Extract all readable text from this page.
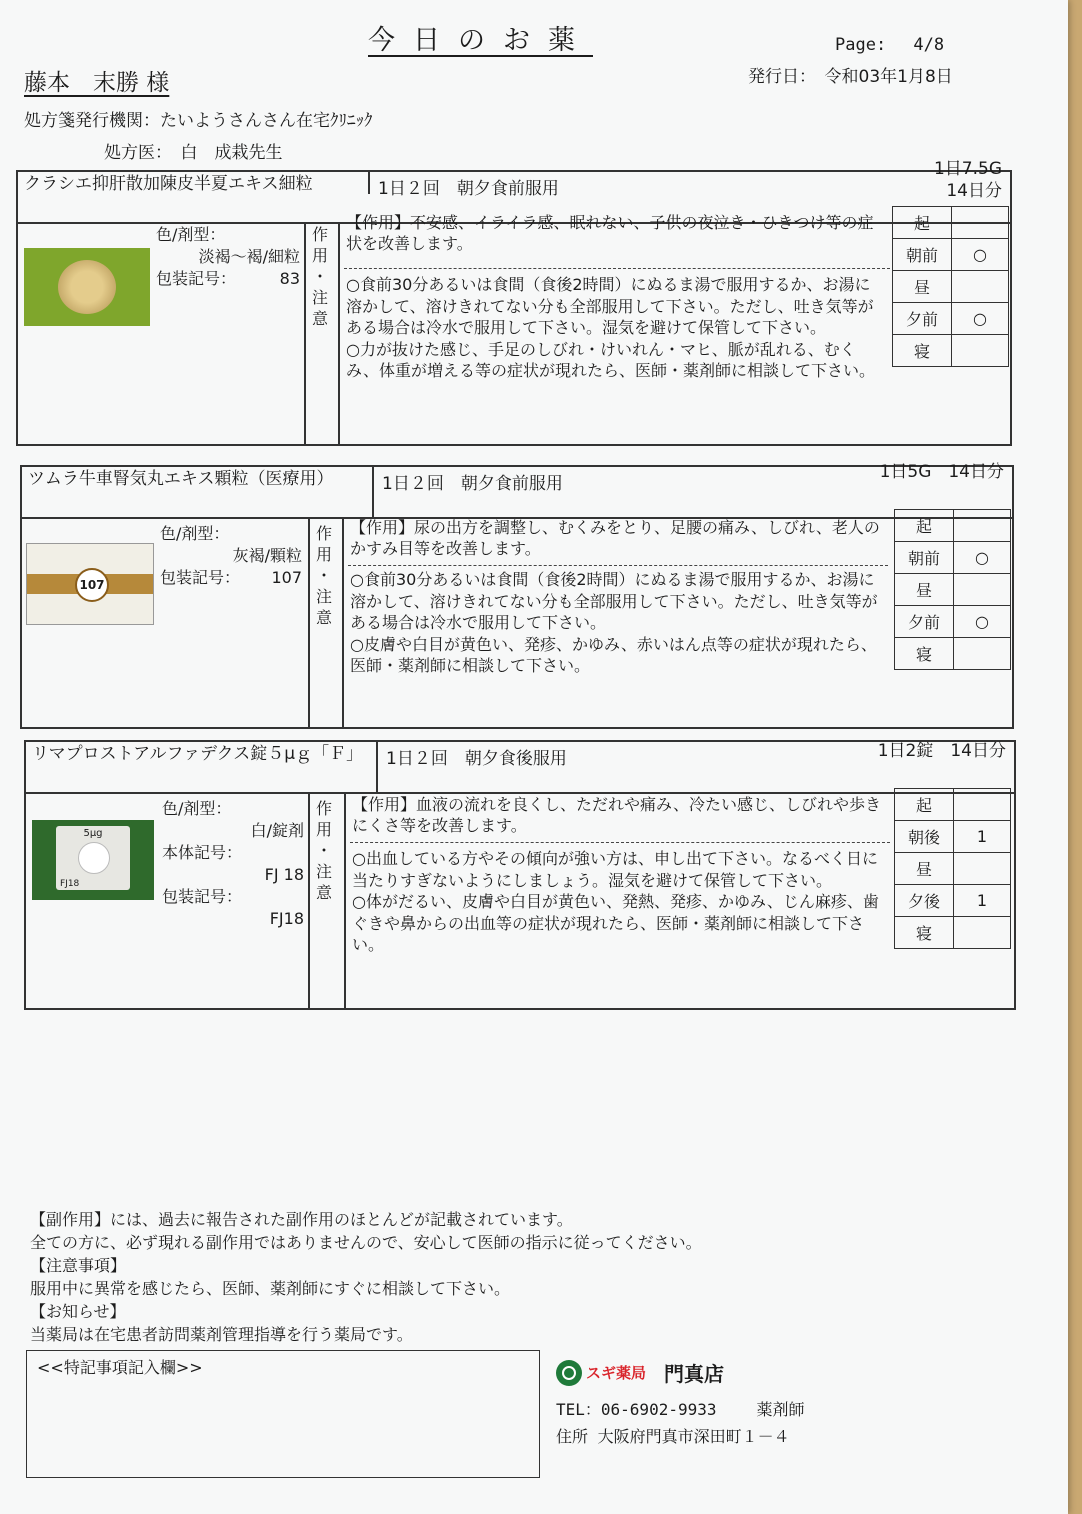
今日のお薬	Page:　 4/8
藤本　末勝 様	発行日：　令和03年1月8日
処方箋発行機関：たいようさんさん在宅ｸﾘﾆｯｸ
処方医：　白　成栽先生
クラシエ抑肝散加陳皮半夏エキス細粒	1日２回　朝夕食前服用
1日7.5G
14日分
色/剤型：
淡褐～褐/細粒
包装記号：	83
作
用
・
注
意
【作用】不安感、イライラ感、眠れない、子供の夜泣き・ひきつけ等の症状を改善します。
○食前30分あるいは食間（食後2時間）にぬるま湯で服用するか、お湯に溶かして、溶けきれてない分も全部服用して下さい。ただし、吐き気等がある場合は冷水で服用して下さい。湿気を避けて保管して下さい。
○力が抜けた感じ、手足のしびれ・けいれん・マヒ、脈が乱れる、むくみ、体重が増える等の症状が現れたら、医師・薬剤師に相談して下さい。
起	
朝前	○
昼	
夕前	○
寝	
ツムラ牛車腎気丸エキス顆粒（医療用）	1日２回　朝夕食前服用
1日5G　14日分
107
色/剤型：
灰褐/顆粒
包装記号： 107
作
用
・
注
意
【作用】尿の出方を調整し、むくみをとり、足腰の痛み、しびれ、老人のかすみ目等を改善します。
○食前30分あるいは食間（食後2時間）にぬるま湯で服用するか、お湯に溶かして、溶けきれてない分も全部服用して下さい。ただし、吐き気等がある場合は冷水で服用して下さい。
○皮膚や白目が黄色い、発疹、かゆみ、赤いはん点等の症状が現れたら、医師・薬剤師に相談して下さい。
起	
朝前	○
昼	
夕前	○
寝	
リマプロストアルファデクス錠５μｇ「Ｆ」	1日２回　朝夕食後服用	1日2錠　14日分
5μg
FJ18
色/剤型：
白/錠剤
本体記号：
FJ 18
包装記号：
FJ18
作
用
・
注
意
【作用】血液の流れを良くし、ただれや痛み、冷たい感じ、しびれや歩きにくさ等を改善します。
○出血している方やその傾向が強い方は、申し出て下さい。なるべく日に当たりすぎないようにしましょう。湿気を避けて保管して下さい。
○体がだるい、皮膚や白目が黄色い、発熱、発疹、かゆみ、じん麻疹、歯ぐきや鼻からの出血等の症状が現れたら、医師・薬剤師に相談して下さい。
起	
朝後	1
昼	
夕後	1
寝	
【副作用】には、過去に報告された副作用のほとんどが記載されています。
全ての方に、必ず現れる副作用ではありませんので、安心して医師の指示に従ってください。
【注意事項】
服用中に異常を感じたら、医師、薬剤師にすぐに相談して下さい。
【お知らせ】
当薬局は在宅患者訪問薬剤管理指導を行う薬局です。
<<特記事項記入欄>>	スギ薬局 門真店
TEL：06-6902-9933	薬剤師
住所 大阪府門真市深田町１－４
